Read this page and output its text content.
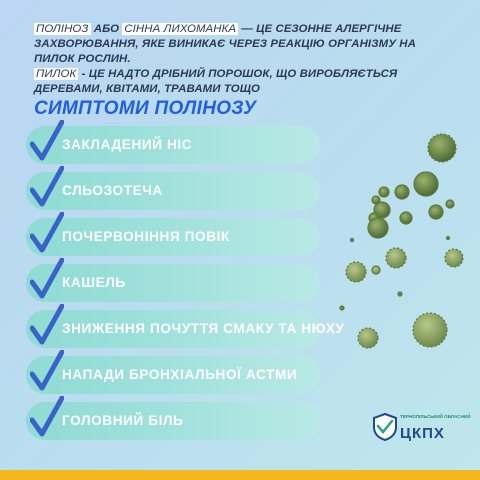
ПОЛІНОЗ АБО СІННА ЛИХОМАНКА — ЦЕ СЕЗОННЕ АЛЕРГІЧНЕ ЗАХВОРЮВАННЯ, ЯКЕ ВИНИКАЄ ЧЕРЕЗ РЕАКЦІЮ ОРГАНІЗМУ НА ПИЛОК РОСЛИН.
ПИЛОК - ЦЕ НАДТО ДРІБНИЙ ПОРОШОК, ЩО ВИРОБЛЯЄТЬСЯ ДЕРЕВАМИ, КВІТАМИ, ТРАВАМИ ТОЩО
СИМПТОМИ ПОЛІНОЗУ
ЗАКЛАДЕНИЙ НІС
СЛЬОЗОТЕЧА
ПОЧЕРВОНІННЯ ПОВІК
КАШЕЛЬ
ЗНИЖЕННЯ ПОЧУТТЯ СМАКУ ТА НЮХУ
НАПАДИ БРОНХІАЛЬНОЇ АСТМИ
ГОЛОВНИЙ БІЛЬ	ТЕРНОПІЛЬСЬКИЙ ОБЛАСНИЙ
ЦКПХ
